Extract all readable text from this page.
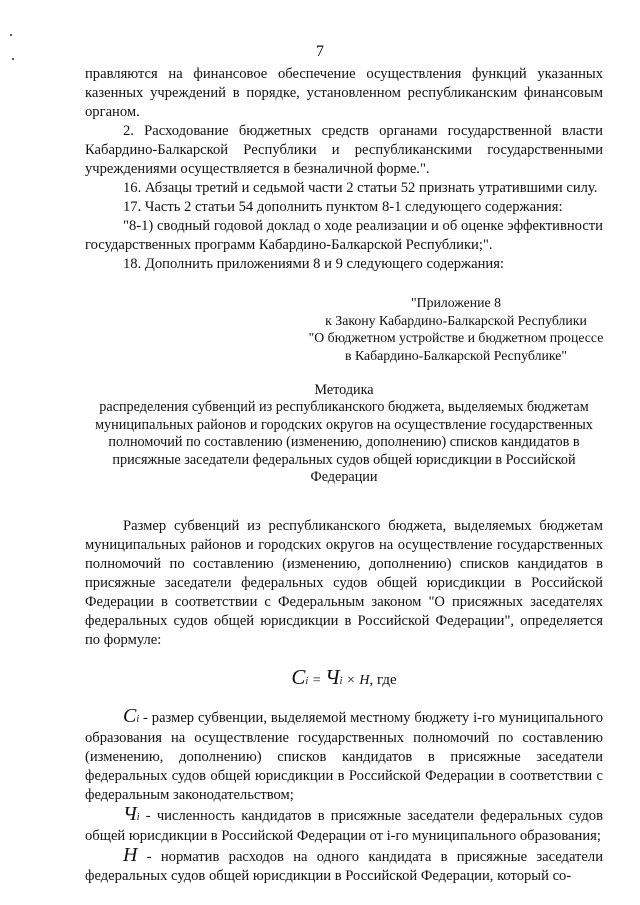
7

правляются на финансовое обеспечение осуществления функций указанных казенных учреждений в порядке, установленном республиканским финансовым органом.

2. Расходование бюджетных средств органами государственной власти Кабардино-Балкарской Республики и республиканскими государственными учреждениями осуществляется в безналичной форме.".

16. Абзацы третий и седьмой части 2 статьи 52 признать утратившими силу.

17. Часть 2 статьи 54 дополнить пунктом 8-1 следующего содержания:

"8-1) сводный годовой доклад о ходе реализации и об оценке эффективности государственных программ Кабардино-Балкарской Республики;".

18. Дополнить приложениями 8 и 9 следующего содержания:

"Приложение 8
к Закону Кабардино-Балкарской Республики
"О бюджетном устройстве и бюджетном процессе
в Кабардино-Балкарской Республике"
Методика
распределения субвенций из республиканского бюджета, выделяемых бюджетам муниципальных районов и городских округов на осуществление государственных полномочий по составлению (изменению, дополнению) списков кандидатов в присяжные заседатели федеральных судов общей юрисдикции в Российской Федерации

Размер субвенций из республиканского бюджета, выделяемых бюджетам муниципальных районов и городских округов на осуществление государственных полномочий по составлению (изменению, дополнению) списков кандидатов в присяжные заседатели федеральных судов общей юрисдикции в Российской Федерации в соответствии с Федеральным законом "О присяжных заседателях федеральных судов общей юрисдикции в Российской Федерации", определяется по формуле:

Сi = Чi × Н, где

Сi - размер субвенции, выделяемой местному бюджету i-го муниципального образования на осуществление государственных полномочий по составлению (изменению, дополнению) списков кандидатов в присяжные заседатели федеральных судов общей юрисдикции в Российской Федерации в соответствии с федеральным законодательством;

Чi - численность кандидатов в присяжные заседатели федеральных судов общей юрисдикции в Российской Федерации от i-го муниципального образования;

Н - норматив расходов на одного кандидата в присяжные заседатели федеральных судов общей юрисдикции в Российской Федерации, который со-
